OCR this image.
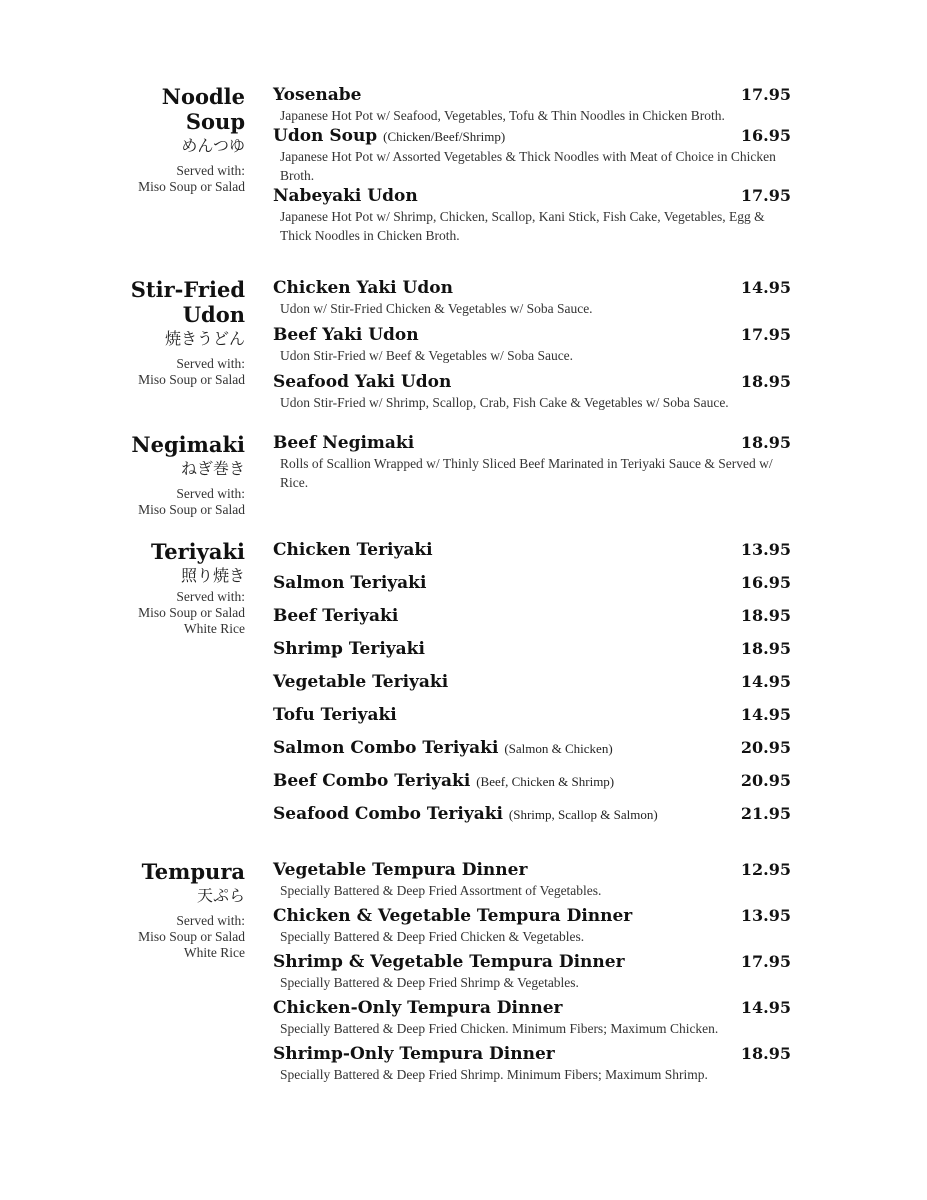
Noodle
Soup
めんつゆ
Served with:
Miso Soup or Salad
Yosenabe	17.95
Japanese Hot Pot w/ Seafood, Vegetables, Tofu & Thin Noodles in Chicken Broth.
Udon Soup (Chicken/Beef/Shrimp)	16.95
Japanese Hot Pot w/ Assorted Vegetables & Thick Noodles with Meat of Choice in Chicken Broth.
Nabeyaki Udon	17.95
Japanese Hot Pot w/ Shrimp, Chicken, Scallop, Kani Stick, Fish Cake, Vegetables, Egg & Thick Noodles in Chicken Broth.
Stir-Fried
Udon
焼きうどん
Served with:
Miso Soup or Salad
Chicken Yaki Udon	14.95
Udon w/ Stir-Fried Chicken & Vegetables w/ Soba Sauce.
Beef Yaki Udon	17.95
Udon Stir-Fried w/ Beef & Vegetables w/ Soba Sauce.
Seafood Yaki Udon	18.95
Udon Stir-Fried w/ Shrimp, Scallop, Crab, Fish Cake & Vegetables w/ Soba Sauce.
Negimaki
ねぎ巻き
Served with:
Miso Soup or Salad
Beef Negimaki	18.95
Rolls of Scallion Wrapped w/ Thinly Sliced Beef Marinated in Teriyaki Sauce & Served w/ Rice.
Teriyaki
照り焼き
Served with:
Miso Soup or Salad
White Rice
Chicken Teriyaki	13.95
Salmon Teriyaki	16.95
Beef Teriyaki	18.95
Shrimp Teriyaki	18.95
Vegetable Teriyaki	14.95
Tofu Teriyaki	14.95
Salmon Combo Teriyaki (Salmon & Chicken)	20.95
Beef Combo Teriyaki (Beef, Chicken & Shrimp)	20.95
Seafood Combo Teriyaki (Shrimp, Scallop & Salmon)	21.95
Tempura
天ぷら
Served with:
Miso Soup or Salad
White Rice
Vegetable Tempura Dinner	12.95
Specially Battered & Deep Fried Assortment of Vegetables.
Chicken & Vegetable Tempura Dinner	13.95
Specially Battered & Deep Fried Chicken & Vegetables.
Shrimp & Vegetable Tempura Dinner	17.95
Specially Battered & Deep Fried Shrimp & Vegetables.
Chicken-Only Tempura Dinner	14.95
Specially Battered & Deep Fried Chicken. Minimum Fibers; Maximum Chicken.
Shrimp-Only Tempura Dinner	18.95
Specially Battered & Deep Fried Shrimp. Minimum Fibers; Maximum Shrimp.
